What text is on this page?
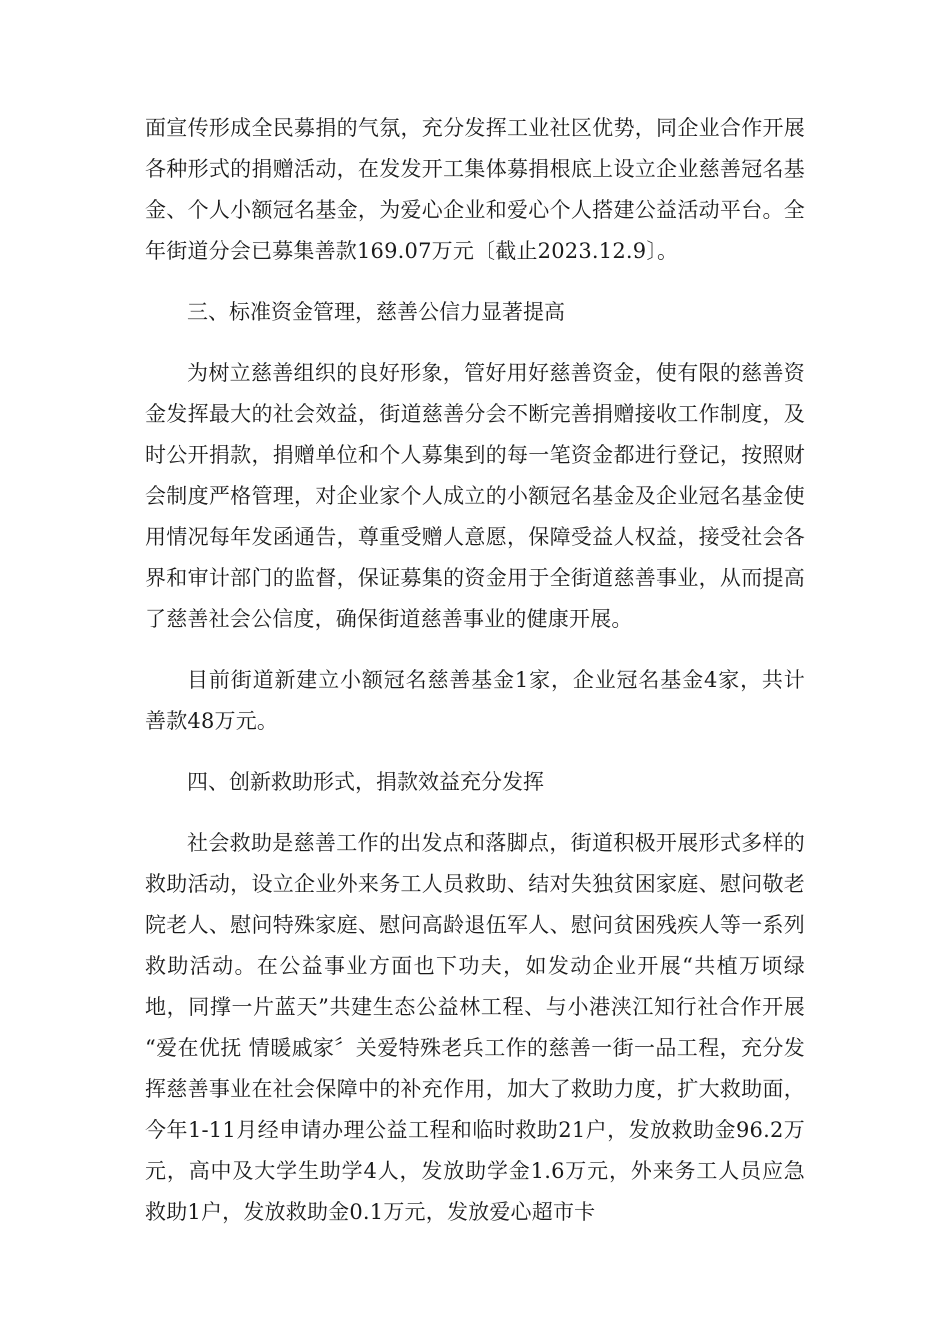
面宣传形成全民募捐的气氛，充分发挥工业社区优势，同企业合作开展各种形式的捐赠活动，在发发开工集体募捐根底上设立企业慈善冠名基金、个人小额冠名基金，为爱心企业和爱心个人搭建公益活动平台。全年街道分会已募集善款169.07万元〔截止2023.12.9〕。

三、标准资金管理，慈善公信力显著提高

为树立慈善组织的良好形象，管好用好慈善资金，使有限的慈善资金发挥最大的社会效益，街道慈善分会不断完善捐赠接收工作制度，及时公开捐款，捐赠单位和个人募集到的每一笔资金都进行登记，按照财会制度严格管理，对企业家个人成立的小额冠名基金及企业冠名基金使用情况每年发函通告，尊重受赠人意愿，保障受益人权益，接受社会各界和审计部门的监督，保证募集的资金用于全街道慈善事业，从而提高了慈善社会公信度，确保街道慈善事业的健康开展。

目前街道新建立小额冠名慈善基金1家，企业冠名基金4家，共计善款48万元。

四、创新救助形式，捐款效益充分发挥

社会救助是慈善工作的出发点和落脚点，街道积极开展形式多样的救助活动，设立企业外来务工人员救助、结对失独贫困家庭、慰问敬老院老人、慰问特殊家庭、慰问高龄退伍军人、慰问贫困残疾人等一系列救助活动。在公益事业方面也下功夫，如发动企业开展“共植万顷绿地，同撑一片蓝天”共建生态公益林工程、与小港浃江知行社合作开展 “爱在优抚 情暖戚家〞关爱特殊老兵工作的慈善一街一品工程，充分发挥慈善事业在社会保障中的补充作用，加大了救助力度，扩大救助面，今年1-11月经申请办理公益工程和临时救助21户，发放救助金96.2万元，高中及大学生助学4人，发放助学金1.6万元，外来务工人员应急救助1户，发放救助金0.1万元，发放爱心超市卡
